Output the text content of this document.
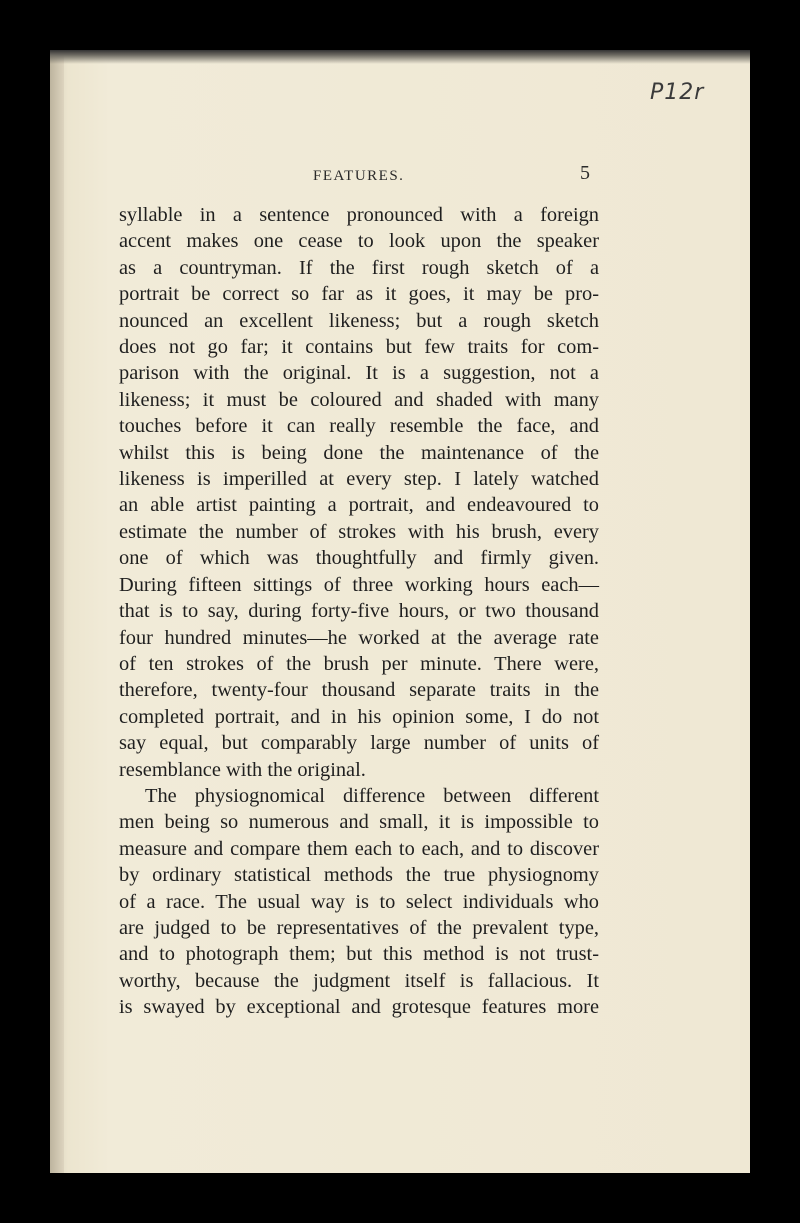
P12r
FEATURES.	5
syllable in a sentence pronounced with a foreign
accent makes one cease to look upon the speaker
as a countryman. If the first rough sketch of a
portrait be correct so far as it goes, it may be pro-
nounced an excellent likeness; but a rough sketch
does not go far; it contains but few traits for com-
parison with the original. It is a suggestion, not a
likeness; it must be coloured and shaded with many
touches before it can really resemble the face, and
whilst this is being done the maintenance of the
likeness is imperilled at every step. I lately watched
an able artist painting a portrait, and endeavoured to
estimate the number of strokes with his brush, every
one of which was thoughtfully and firmly given.
During fifteen sittings of three working hours each—
that is to say, during forty-five hours, or two thousand
four hundred minutes—he worked at the average rate
of ten strokes of the brush per minute. There were,
therefore, twenty-four thousand separate traits in the
completed portrait, and in his opinion some, I do not
say equal, but comparably large number of units of
resemblance with the original.
The physiognomical difference between different
men being so numerous and small, it is impossible to
measure and compare them each to each, and to discover
by ordinary statistical methods the true physiognomy
of a race. The usual way is to select individuals who
are judged to be representatives of the prevalent type,
and to photograph them; but this method is not trust-
worthy, because the judgment itself is fallacious. It
is swayed by exceptional and grotesque features more
